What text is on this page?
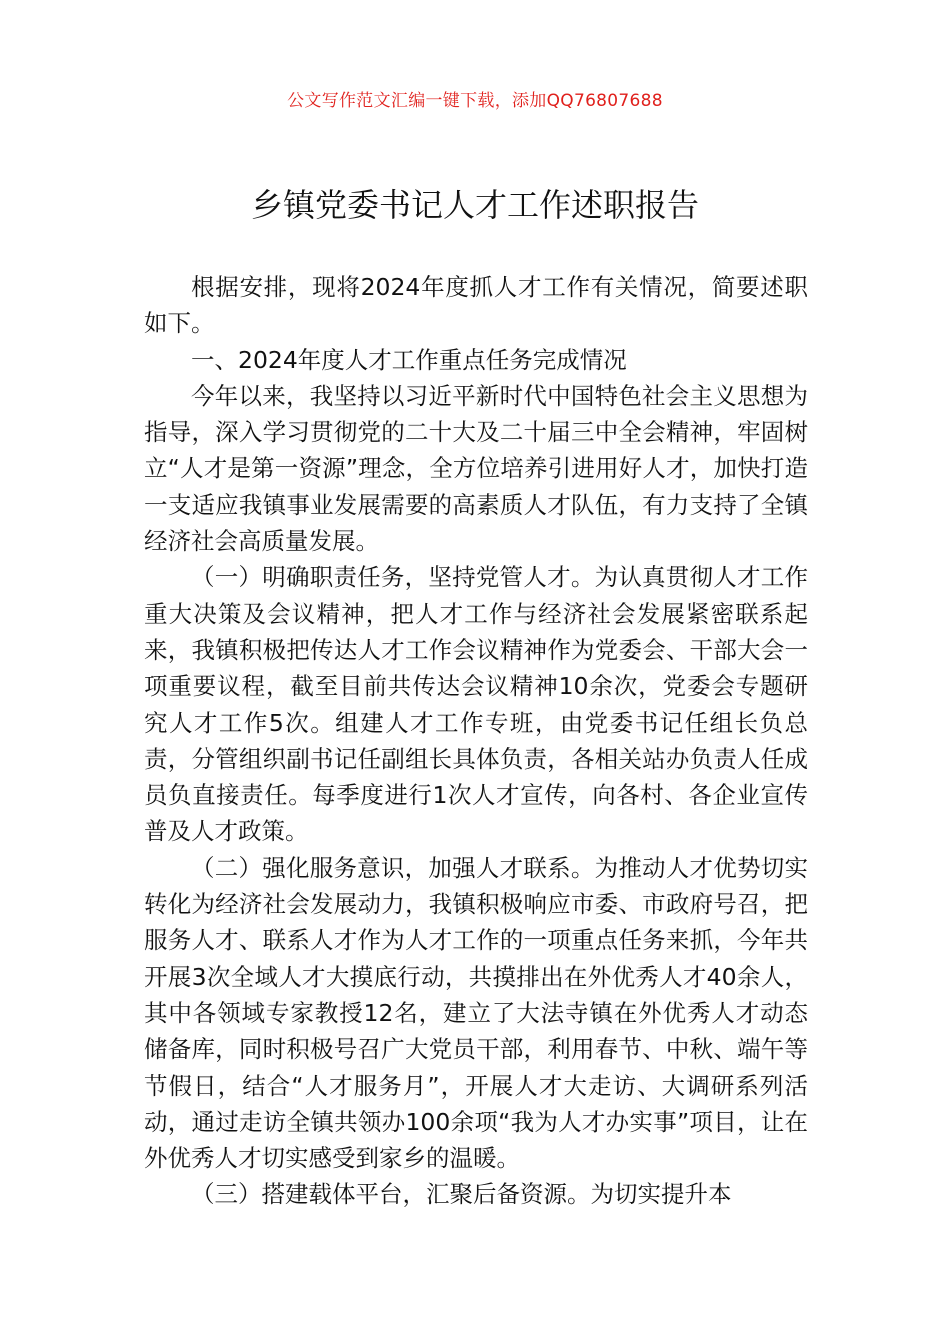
公文写作范文汇编一键下载，添加QQ76807688
乡镇党委书记人才工作述职报告

根据安排，现将2024年度抓人才工作有关情况，简要述职如下。

一、2024年度人才工作重点任务完成情况

今年以来，我坚持以习近平新时代中国特色社会主义思想为指导，深入学习贯彻党的二十大及二十届三中全会精神，牢固树立“人才是第一资源”理念，全方位培养引进用好人才，加快打造一支适应我镇事业发展需要的高素质人才队伍，有力支持了全镇经济社会高质量发展。

（一）明确职责任务，坚持党管人才。为认真贯彻人才工作重大决策及会议精神，把人才工作与经济社会发展紧密联系起来，我镇积极把传达人才工作会议精神作为党委会、干部大会一项重要议程，截至目前共传达会议精神10余次，党委会专题研究人才工作5次。组建人才工作专班，由党委书记任组长负总责，分管组织副书记任副组长具体负责，各相关站办负责人任成员负直接责任。每季度进行1次人才宣传，向各村、各企业宣传普及人才政策。

（二）强化服务意识，加强人才联系。为推动人才优势切实转化为经济社会发展动力，我镇积极响应市委、市政府号召，把服务人才、联系人才作为人才工作的一项重点任务来抓，今年共开展3次全域人才大摸底行动，共摸排出在外优秀人才40余人，其中各领域专家教授12名，建立了大法寺镇在外优秀人才动态储备库，同时积极号召广大党员干部，利用春节、中秋、端午等节假日，结合“人才服务月”，开展人才大走访、大调研系列活动，通过走访全镇共领办100余项“我为人才办实事”项目，让在外优秀人才切实感受到家乡的温暖。

（三）搭建载体平台，汇聚后备资源。为切实提升本
